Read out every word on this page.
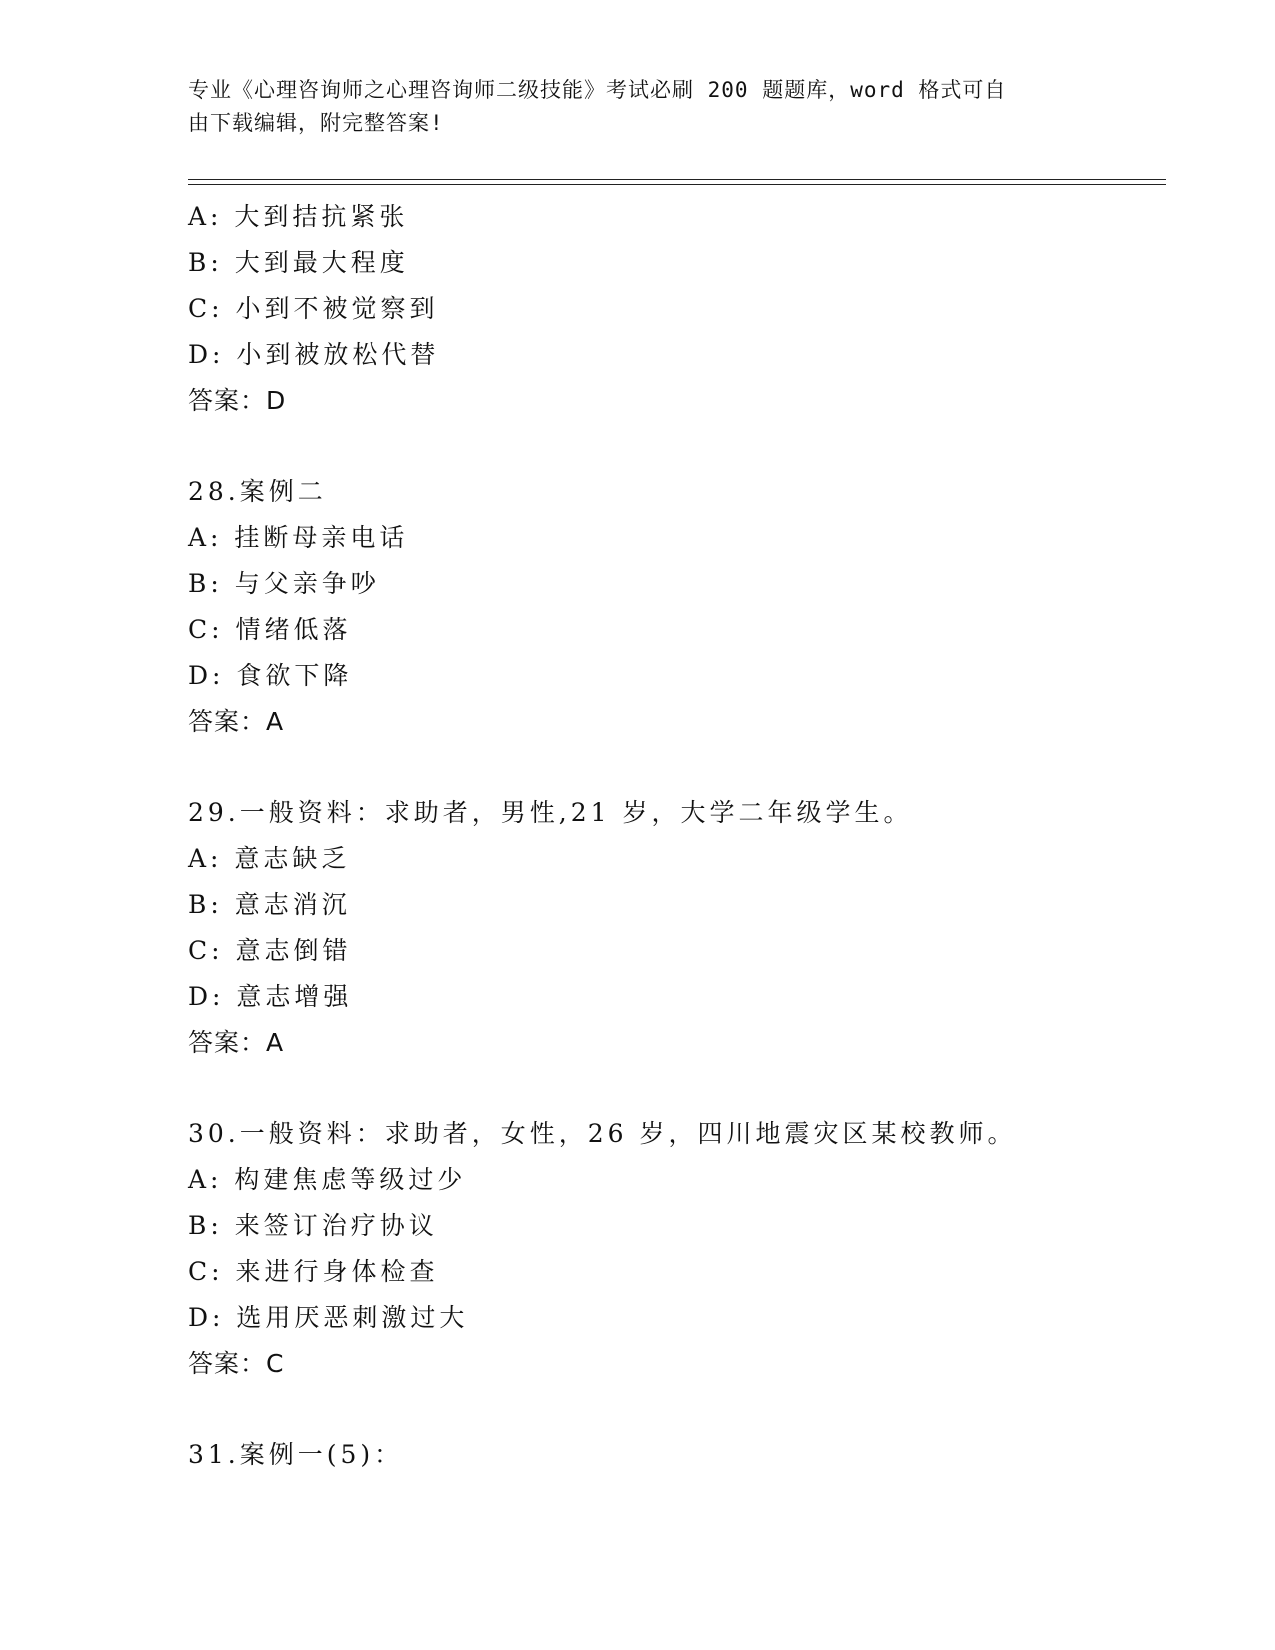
专业《心理咨询师之心理咨询师二级技能》考试必刷 200 题题库，word 格式可自
由下载编辑，附完整答案!
A: 大到拮抗紧张
B: 大到最大程度
C: 小到不被觉察到
D: 小到被放松代替
答案：D
28.案例二
A: 挂断母亲电话
B: 与父亲争吵
C: 情绪低落
D: 食欲下降
答案：A
29.一般资料：求助者，男性,21 岁，大学二年级学生。
A: 意志缺乏
B: 意志消沉
C: 意志倒错
D: 意志增强
答案：A
30.一般资料：求助者，女性，26 岁，四川地震灾区某校教师。
A: 构建焦虑等级过少
B: 来签订治疗协议
C: 来进行身体检查
D: 选用厌恶刺激过大
答案：C
31.案例一(5)：
